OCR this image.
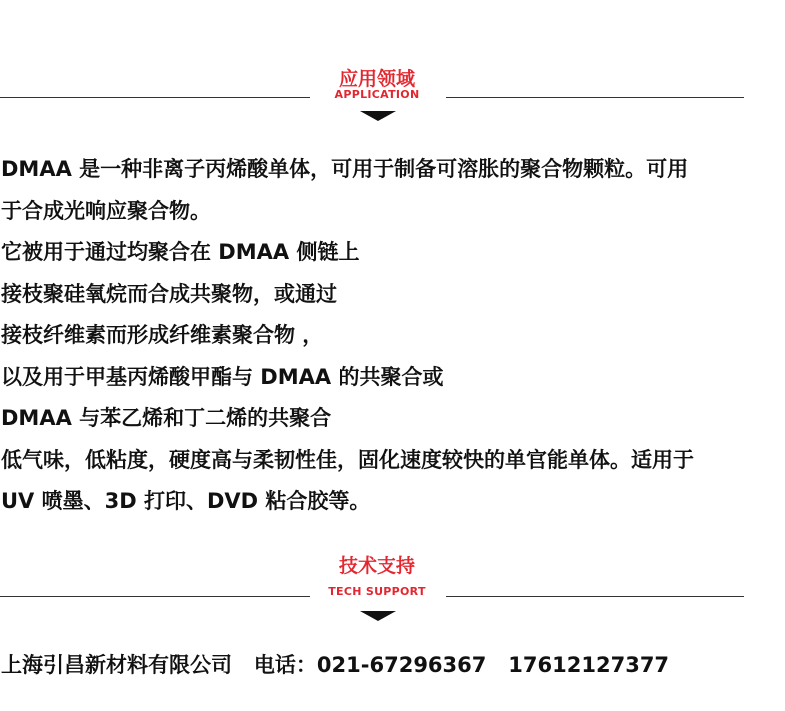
应用领域
APPLICATION
DMAA 是一种非离子丙烯酸单体，可用于制备可溶胀的聚合物颗粒。可用
于合成光响应聚合物。
它被用于通过均聚合在 DMAA 侧链上
接枝聚硅氧烷而合成共聚物，或通过
接枝纤维素而形成纤维素聚合物 ，
以及用于甲基丙烯酸甲酯与 DMAA 的共聚合或
DMAA 与苯乙烯和丁二烯的共聚合
低气味，低粘度，硬度高与柔韧性佳，固化速度较快的单官能单体。适用于
UV 喷墨、3D 打印、DVD 粘合胶等。
技术支持
TECH SUPPORT
上海引昌新材料有限公司   电话：021-67296367   17612127377
